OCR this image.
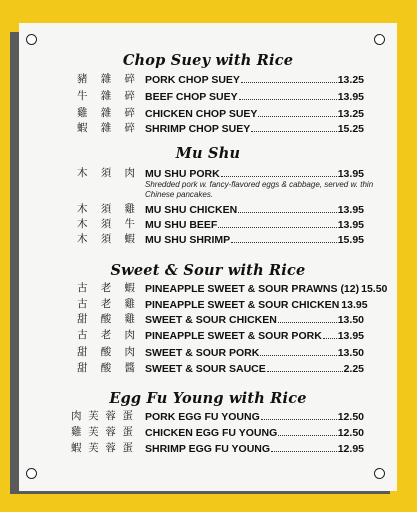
Chop Suey with Rice
豬 雜 碎 PORK CHOP SUEY	13.25
牛 雜 碎 BEEF CHOP SUEY	13.95
雞 雜 碎 CHICKEN CHOP SUEY	13.25
蝦 雜 碎 SHRIMP CHOP SUEY	15.25
Mu Shu
木 須 肉 MU SHU PORK	13.95
Shredded pork w. fancy-flavored eggs & cabbage, served w. thin Chinese pancakes.
木 須 雞 MU SHU CHICKEN	13.95
木 須 牛 MU SHU BEEF	13.95
木 須 蝦 MU SHU SHRIMP	15.95
Sweet & Sour with Rice
古 老 蝦 PINEAPPLE SWEET & SOUR PRAWNS (12) 15.50
古 老 雞 PINEAPPLE SWEET & SOUR CHICKEN 13.95
甜 酸 雞 SWEET & SOUR CHICKEN	13.50
古 老 肉 PINEAPPLE SWEET & SOUR PORK 13.95
甜 酸 肉 SWEET & SOUR PORK	13.50
甜 酸 醬 SWEET & SOUR SAUCE	2.25
Egg Fu Young with Rice
肉 芙 蓉 蛋 PORK EGG FU YOUNG	12.50
雞 芙 蓉 蛋 CHICKEN EGG FU YOUNG	12.50
蝦 芙 蓉 蛋 SHRIMP EGG FU YOUNG	12.95
